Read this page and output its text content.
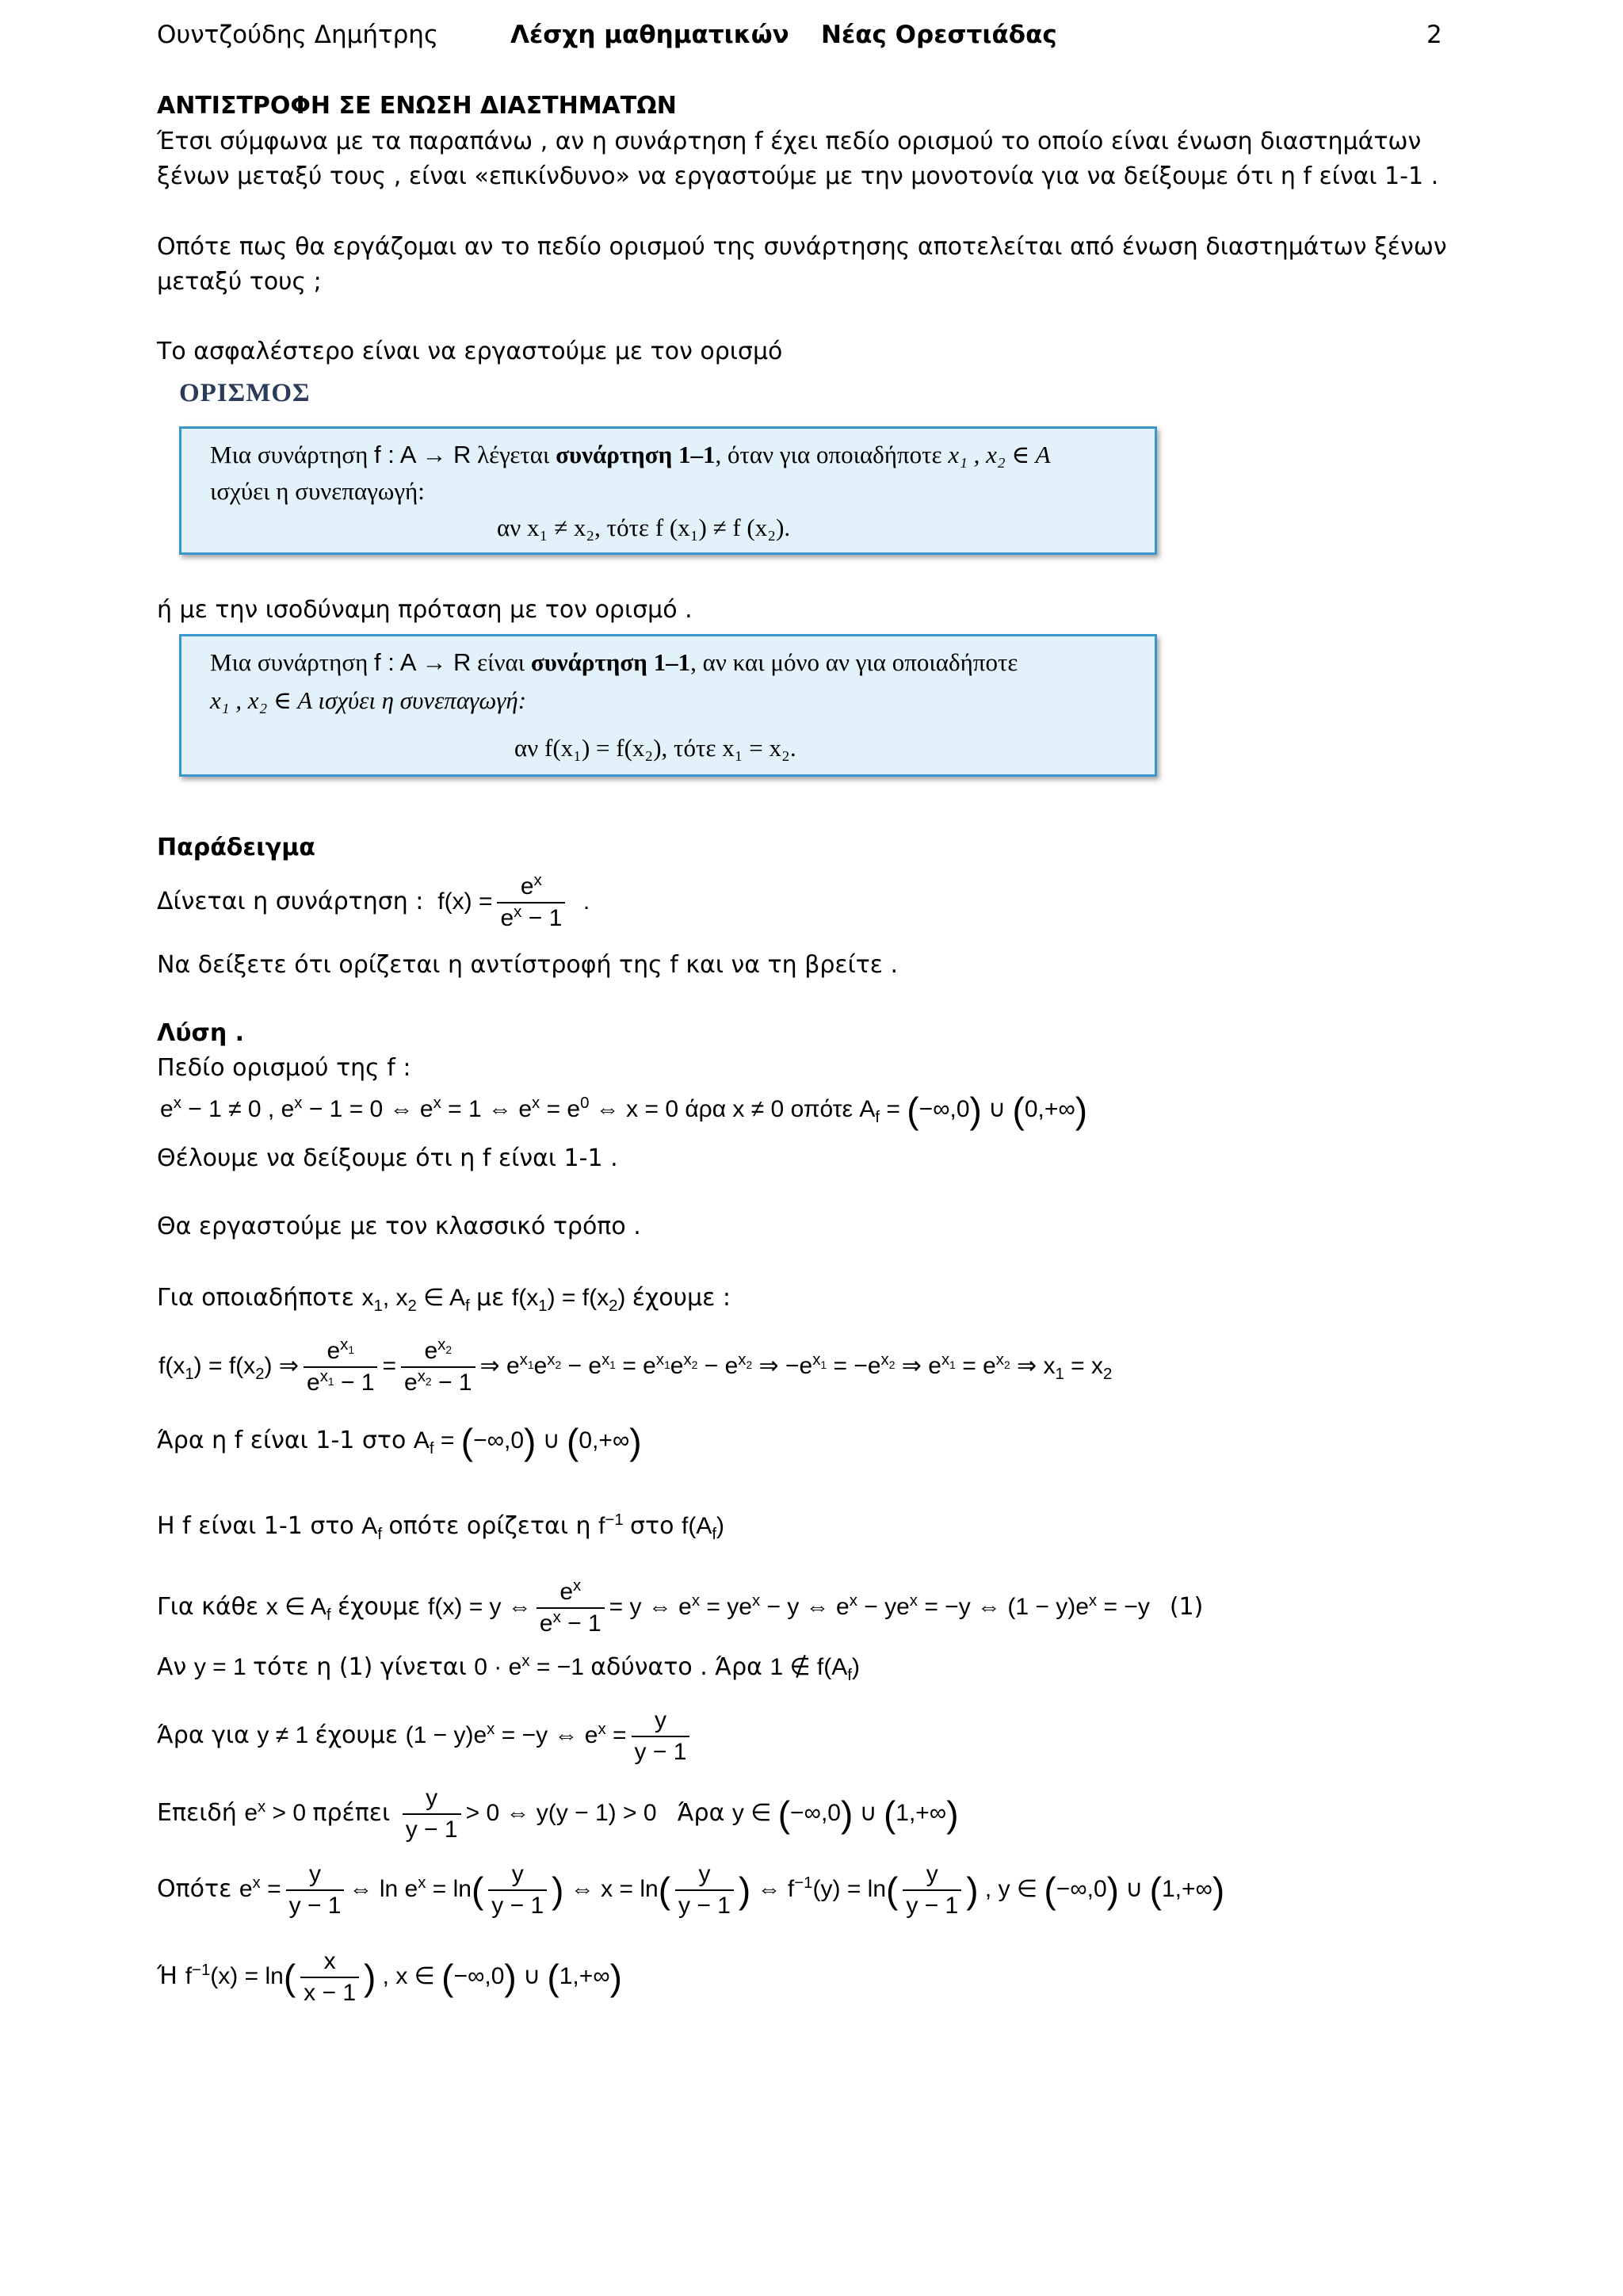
Ουντζούδης Δημήτρης	Λέσχη μαθηματικών Νέας Ορεστιάδας	2
ΑΝΤΙΣΤΡΟΦΗ ΣΕ ΕΝΩΣΗ ΔΙΑΣΤΗΜΑΤΩΝ
Έτσι σύμφωνα με τα παραπάνω , αν η συνάρτηση f έχει πεδίο ορισμού το οποίο είναι ένωση διαστημάτων
ξένων μεταξύ τους , είναι «επικίνδυνο» να εργαστούμε με την μονοτονία για να δείξουμε ότι η f είναι 1-1 .
Οπότε πως θα εργάζομαι αν το πεδίο ορισμού της συνάρτησης αποτελείται από ένωση διαστημάτων ξένων
μεταξύ τους ;
Το ασφαλέστερο είναι να εργαστούμε με τον ορισμό
ΟΡΙΣΜΟΣ
Μια συνάρτηση f : A → R λέγεται συνάρτηση 1–1, όταν για οποιαδήποτε x₁ , x₂ ∈ A
ισχύει η συνεπαγωγή:
αν x₁ ≠ x₂, τότε f (x₁) ≠ f (x₂).
ή με την ισοδύναμη πρόταση με τον ορισμό .
Μια συνάρτηση f : A → R είναι συνάρτηση 1–1, αν και μόνο αν για οποιαδήποτε
x₁ , x₂ ∈ A ισχύει η συνεπαγωγή:
αν f(x₁) = f(x₂), τότε x₁ = x₂.
Παράδειγμα
Δίνεται η συνάρτηση :  $f(x) = \frac{e^x}{e^x - 1}$ .
Να δείξετε ότι ορίζεται η αντίστροφή της f και να τη βρείτε .
Λύση .
Πεδίο ορισμού της f :
$e^x - 1 \ne 0$ , $e^x - 1 = 0$ ⇔ $e^x = 1$ ⇔ $e^x = e^0$ ⇔ x = 0 άρα x ≠ 0 οπότε $A_f = (-\infty,0)$ ∪ (0,+∞)
Θέλουμε να δείξουμε ότι η f είναι 1-1 .
Θα εργαστούμε με τον κλασσικό τρόπο .
Για οποιαδήποτε $x_1$, $x_2$ ∈ $A_f$ με $f(x_1) = f(x_2)$ έχουμε :
$f(x_1) = f(x_2)$ ⇒ $\frac{e^{x_1}}{e^{x_1} - 1} = \frac{e^{x_2}}{e^{x_2} - 1}$ ⇒ $e^{x_1}e^{x_2} - e^{x_1} = e^{x_1}e^{x_2} - e^{x_2}$ ⇒ $-e^{x_1} = -e^{x_2}$ ⇒ $e^{x_1} = e^{x_2}$ ⇒ $x_1 = x_2$
Άρα η f είναι 1-1 στο $A_f = (-\infty,0)$ ∪ (0,+∞)
Η f είναι 1-1 στο $A_f$ οπότε ορίζεται η $f^{-1}$ στο $f(A_f)$
Για κάθε x ∈ $A_f$ έχουμε f(x) = y ⇔ $\frac{e^x}{e^x - 1} = y$ ⇔ $e^x = ye^x - y$ ⇔ $e^x - ye^x = -y$ ⇔ $(1 - y)e^x = -y$   (1)
Αν y = 1 τότε η (1) γίνεται $0 \cdot e^x = -1$ αδύνατο . Άρα 1 ∉ $f(A_f)$
Άρα για y ≠ 1 έχουμε $(1 - y)e^x = -y$ ⇔ $e^x = \frac{y}{y - 1}$
Επειδή $e^x > 0$ πρέπει $\frac{y}{y - 1} > 0$ ⇔ y(y − 1) > 0   Άρα y ∈ (−∞,0) ∪ (1,+∞)
Οπότε $e^x = \frac{y}{y - 1}$ ⇔ $\ln e^x = \ln( \frac{y}{y - 1}$ ) ⇔ $x = \ln( \frac{y}{y - 1}$ ) ⇔ $f^{-1}(y) = \ln( \frac{y}{y - 1}$ ) , y ∈ (−∞,0) ∪ (1,+∞)
Ή $f^{-1}(x) = \ln( \frac{x}{x - 1}$ ) , x ∈ (−∞,0) ∪ (1,+∞)
